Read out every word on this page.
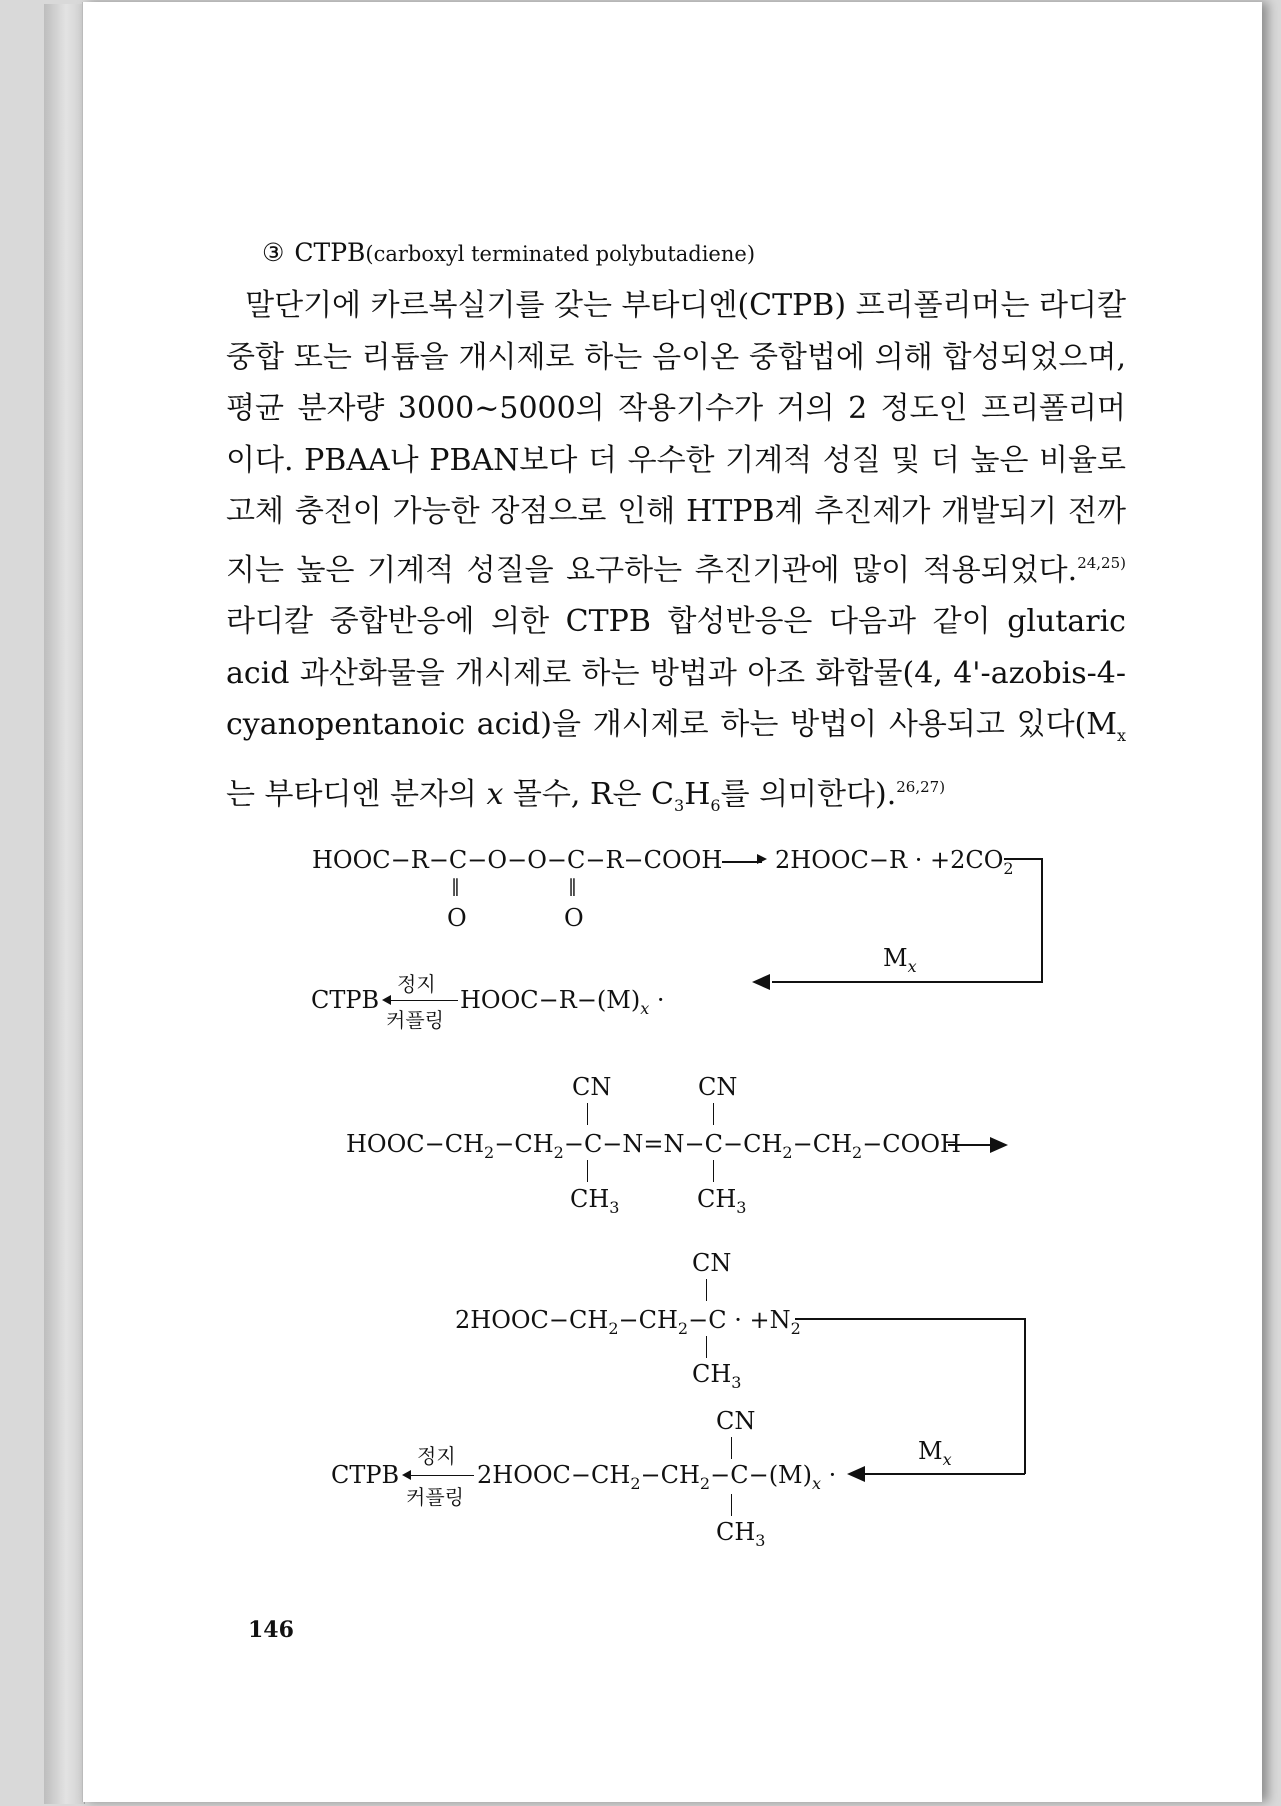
③ CTPB(carboxyl terminated polybutadiene)
말단기에 카르복실기를 갖는 부타디엔(CTPB) 프리폴리머는 라디칼 중합 또는 리튬을 개시제로 하는 음이온 중합법에 의해 합성되었으며, 평균 분자량 3000~5000의 작용기수가 거의 2 정도인 프리폴리머이다. PBAA나 PBAN보다 더 우수한 기계적 성질 및 더 높은 비율로 고체 충전이 가능한 장점으로 인해 HTPB계 추진제가 개발되기 전까지는 높은 기계적 성질을 요구하는 추진기관에 많이 적용되었다.$^{24,25)}$ 라디칼 중합반응에 의한 CTPB 합성반응은 다음과 같이 glutaric acid 과산화물을 개시제로 하는 방법과 아조 화합물(4, 4'-azobis-4-cyanopentanoic acid)을 개시제로 하는 방법이 사용되고 있다($M_x$는 부타디엔 분자의 x 몰수, R은 $C_3H_6$를 의미한다).$^{26,27)}$
HOOC−R−C−O−O−C−R−COOH
‖	‖
O	O
2HOOC−R · $+2CO_2$
$M_x$
CTPB
정지
커플링
$HOOC-R-(M)_x$ ·
CN	CN
$HOOC-CH_2-CH_2-C-N=N-C-CH_2-CH_2-COOH$
$CH_3$	$CH_3$
CN
$2HOOC-CH_2-CH_2-C \cdot +N_2$
$CH_3$
$M_x$
CN
CTPB
정지
커플링
$2HOOC-CH_2-CH_2-C-(M)_x$ ·
$CH_3$
146
